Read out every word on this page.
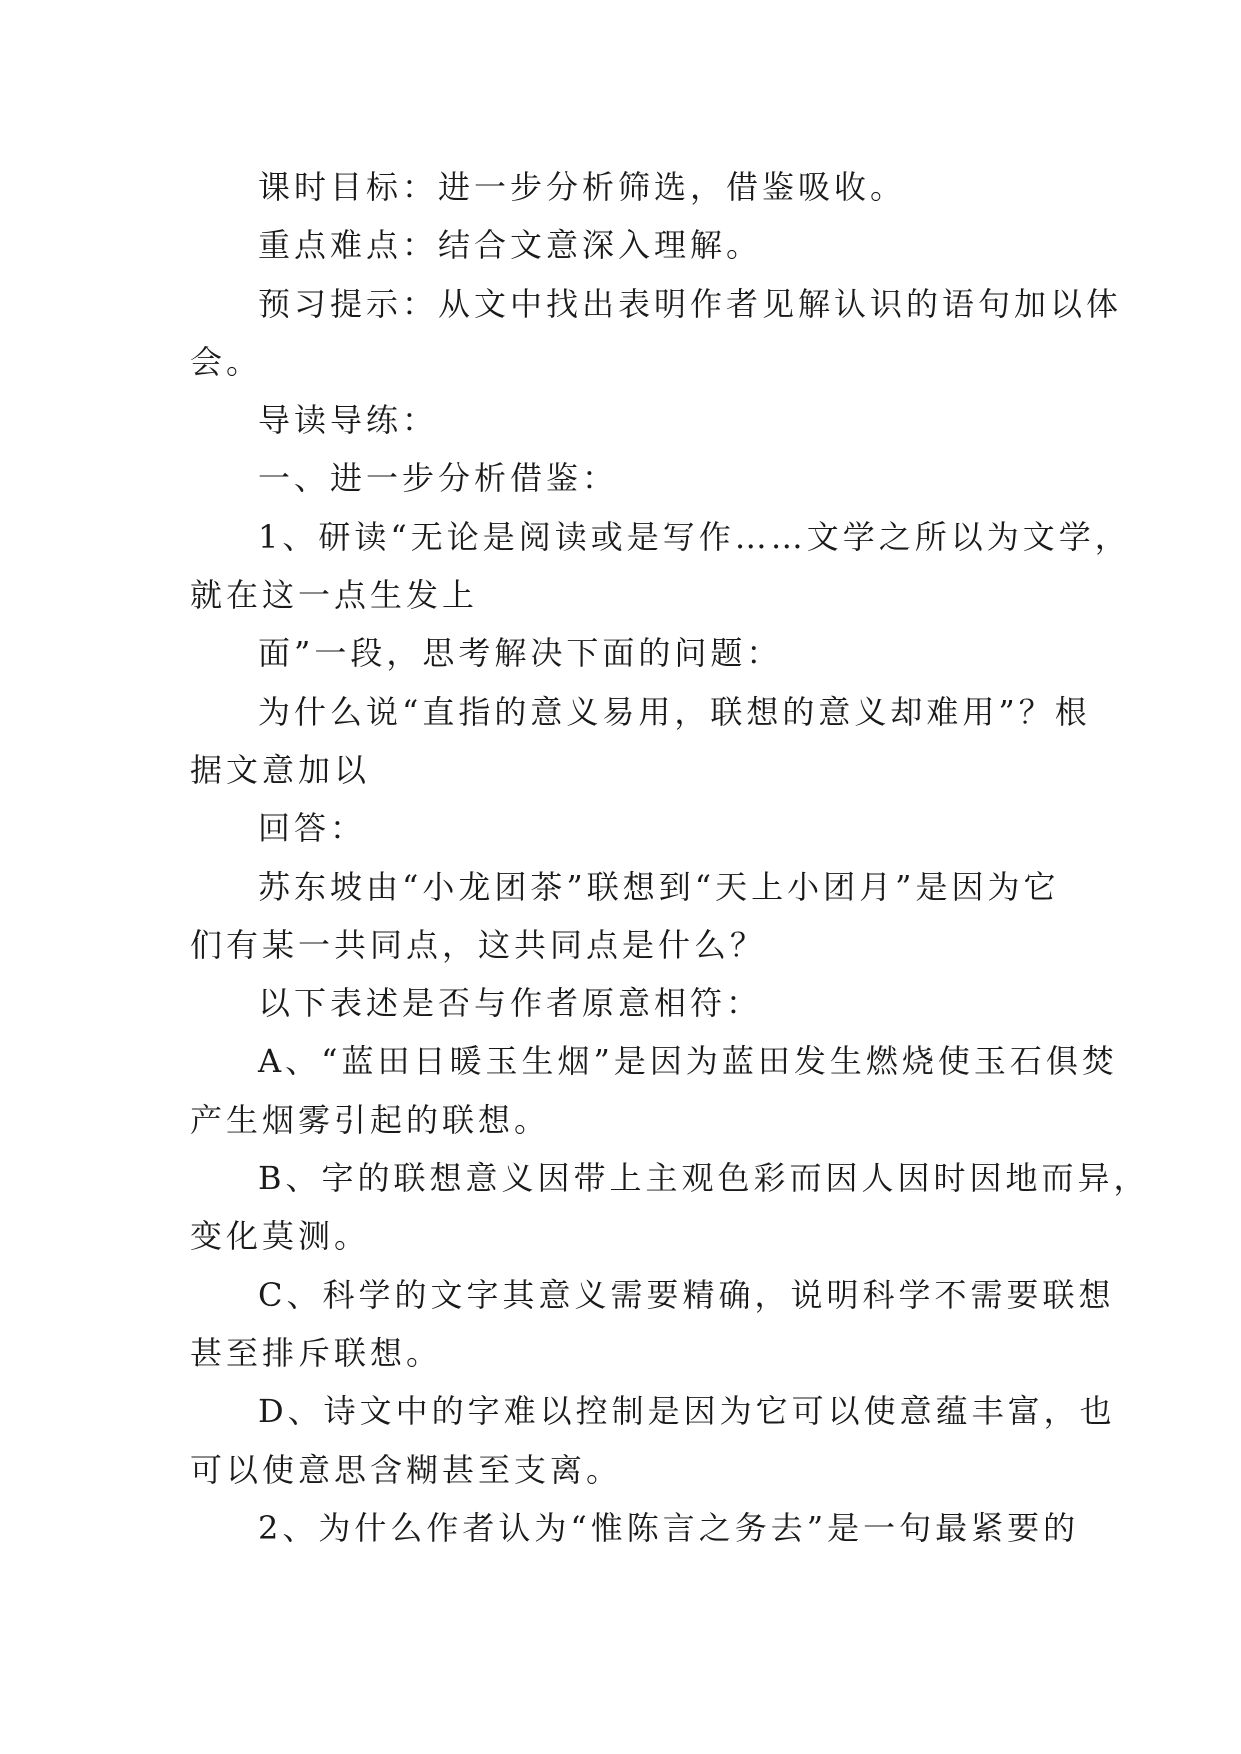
课时目标：进一步分析筛选，借鉴吸收。
重点难点：结合文意深入理解。
预习提示：从文中找出表明作者见解认识的语句加以体
会。
导读导练：
一、进一步分析借鉴：
1、研读“无论是阅读或是写作……文学之所以为文学，
就在这一点生发上
面”一段，思考解决下面的问题：
为什么说“直指的意义易用，联想的意义却难用”？根
据文意加以
回答：
苏东坡由“小龙团茶”联想到“天上小团月”是因为它
们有某一共同点，这共同点是什么？
以下表述是否与作者原意相符：
A、“蓝田日暖玉生烟”是因为蓝田发生燃烧使玉石俱焚
产生烟雾引起的联想。
B、字的联想意义因带上主观色彩而因人因时因地而异，
变化莫测。
C、科学的文字其意义需要精确，说明科学不需要联想
甚至排斥联想。
D、诗文中的字难以控制是因为它可以使意蕴丰富，也
可以使意思含糊甚至支离。
2、为什么作者认为“惟陈言之务去”是一句最紧要的
